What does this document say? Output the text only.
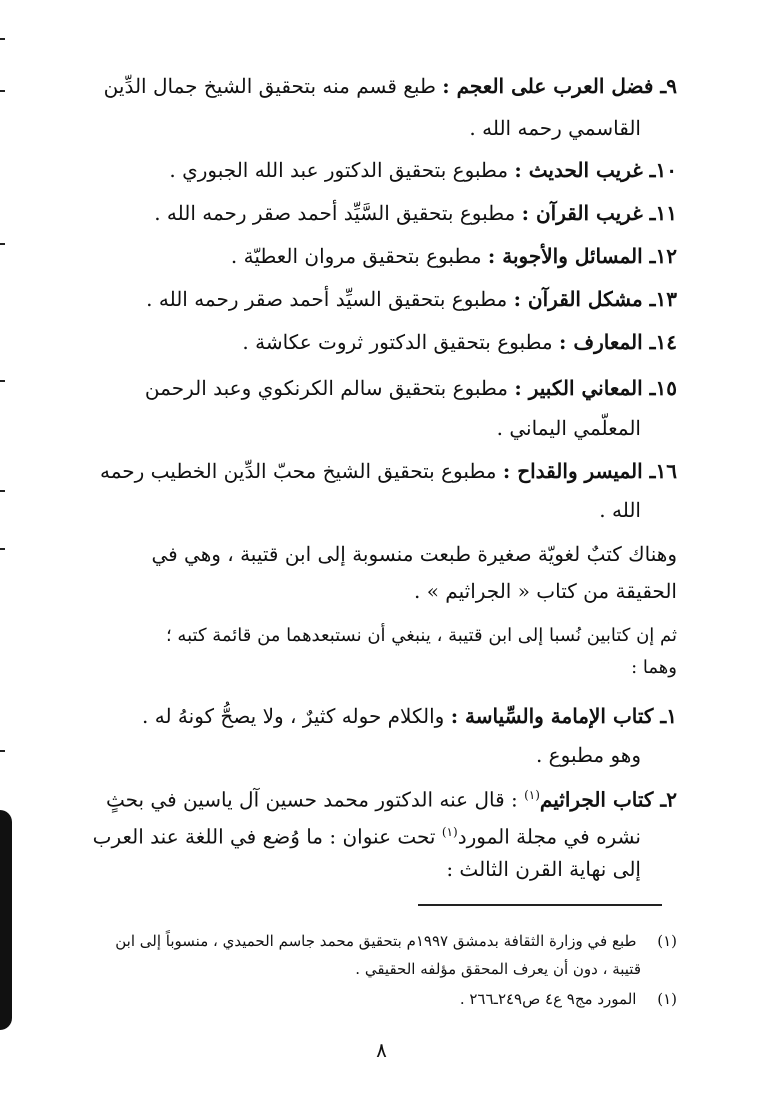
٩ـ فضل العرب على العجم : طبع قسم منه بتحقيق الشيخ جمال الدِّين
القاسمي رحمه الله .
١٠ـ غريب الحديث : مطبوع بتحقيق الدكتور عبد الله الجبوري .
١١ـ غريب القرآن : مطبوع بتحقيق السَّيِّد أحمد صقر رحمه الله .
١٢ـ المسائل والأجوبة : مطبوع بتحقيق مروان العطيّة .
١٣ـ مشكل القرآن : مطبوع بتحقيق السيِّد أحمد صقر رحمه الله .
١٤ـ المعارف : مطبوع بتحقيق الدكتور ثروت عكاشة .
١٥ـ المعاني الكبير : مطبوع بتحقيق سالم الكرنكوي وعبد الرحمن
المعلّمي اليماني .
١٦ـ الميسر والقداح : مطبوع بتحقيق الشيخ محبّ الدِّين الخطيب رحمه
الله .
وهناك كتبٌ لغويّة صغيرة طبعت منسوبة إلى ابن قتيبة ، وهي في
الحقيقة من كتاب « الجراثيم » .
ثم إن كتابين نُسبا إلى ابن قتيبة ، ينبغي أن نستبعدهما من قائمة كتبه ؛
وهما :
١ـ كتاب الإمامة والسِّياسة : والكلام حوله كثيرٌ ، ولا يصحُّ كونهُ له .
وهو مطبوع .
٢ـ كتاب الجراثيم$^{(١)}$ : قال عنه الدكتور محمد حسين آل ياسين في بحثٍ
نشره في مجلة المورد$^{(١)}$ تحت عنوان : ما وُضع في اللغة عند العرب
إلى نهاية القرن الثالث :
(١) طبع في وزارة الثقافة بدمشق ١٩٩٧م بتحقيق محمد جاسم الحميدي ، منسوباً إلى ابن
قتيبة ، دون أن يعرف المحقق مؤلفه الحقيقي .
(١) المورد مج٩ ع٤ ص٢٤٩ـ٢٦٦ .
٨
